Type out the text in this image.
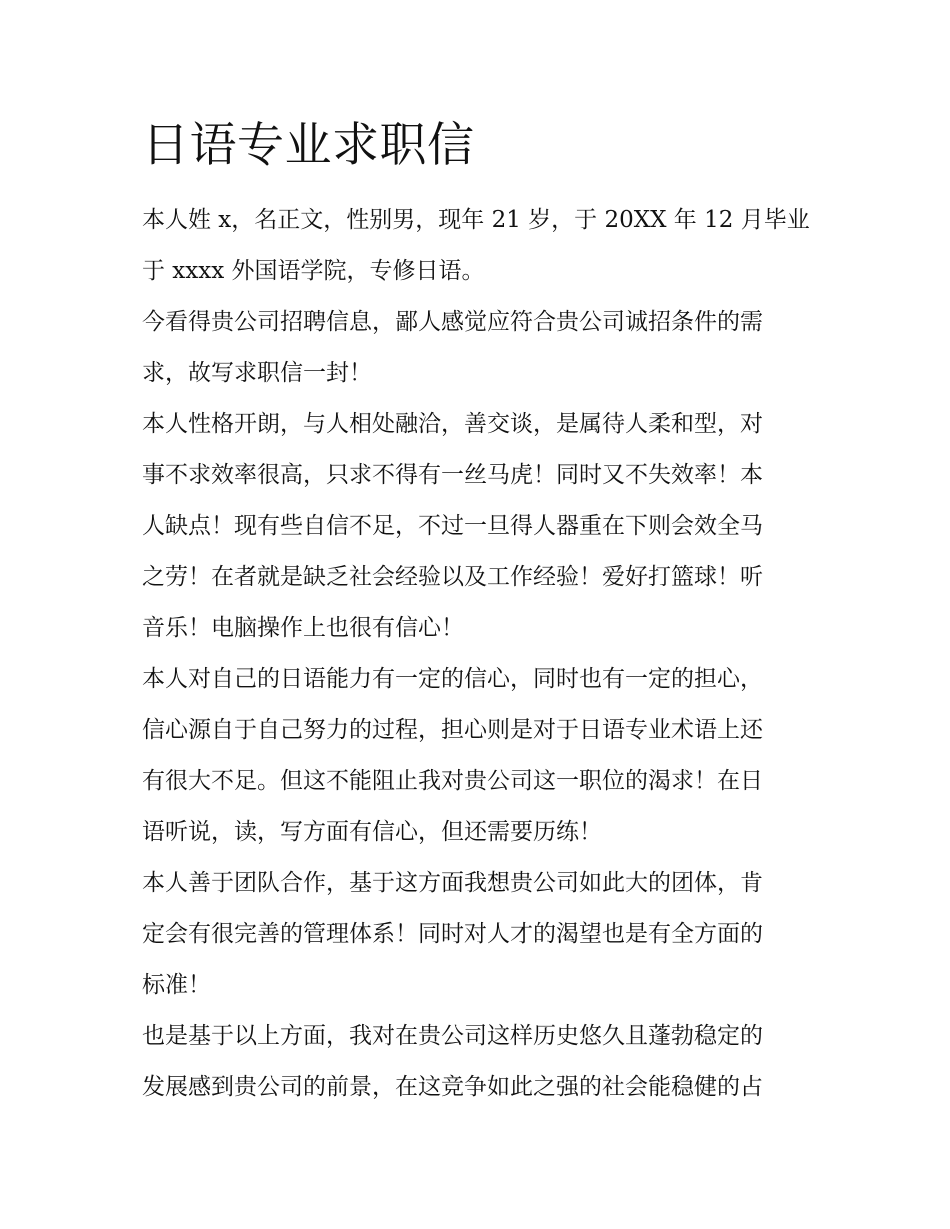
日语专业求职信
本人姓 x，名正文，性别男，现年 21 岁，于 20XX 年 12 月毕业
于 xxxx 外国语学院，专修日语。
今看得贵公司招聘信息，鄙人感觉应符合贵公司诚招条件的需
求，故写求职信一封！
本人性格开朗，与人相处融洽，善交谈，是属待人柔和型，对
事不求效率很高，只求不得有一丝马虎！同时又不失效率！本
人缺点！现有些自信不足，不过一旦得人器重在下则会效全马
之劳！在者就是缺乏社会经验以及工作经验！爱好打篮球！听
音乐！电脑操作上也很有信心！
本人对自己的日语能力有一定的信心，同时也有一定的担心，
信心源自于自己努力的过程，担心则是对于日语专业术语上还
有很大不足。但这不能阻止我对贵公司这一职位的渴求！在日
语听说，读，写方面有信心，但还需要历练！
本人善于团队合作，基于这方面我想贵公司如此大的团体，肯
定会有很完善的管理体系！同时对人才的渴望也是有全方面的
标准！
也是基于以上方面，我对在贵公司这样历史悠久且蓬勃稳定的
发展感到贵公司的前景，在这竞争如此之强的社会能稳健的占
